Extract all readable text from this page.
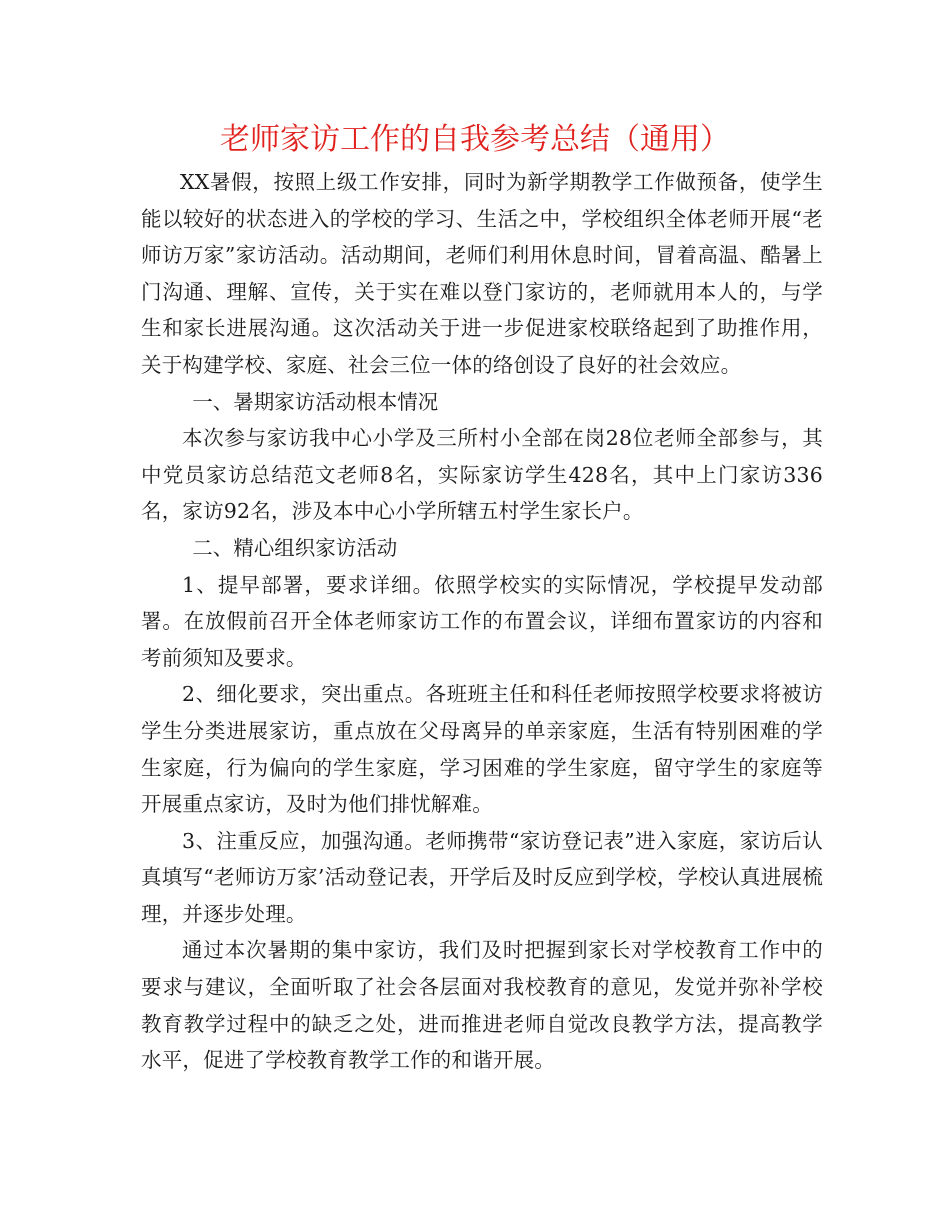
老师家访工作的自我参考总结（通用）

XX暑假，按照上级工作安排，同时为新学期教学工作做预备，使学生能以较好的状态进入的学校的学习、生活之中，学校组织全体老师开展“老师访万家”家访活动。活动期间，老师们利用休息时间，冒着高温、酷暑上门沟通、理解、宣传，关于实在难以登门家访的，老师就用本人的，与学生和家长进展沟通。这次活动关于进一步促进家校联络起到了助推作用，关于构建学校、家庭、社会三位一体的络创设了良好的社会效应。

一、暑期家访活动根本情况

本次参与家访我中心小学及三所村小全部在岗28位老师全部参与，其中党员家访总结范文老师8名，实际家访学生428名，其中上门家访336名，家访92名，涉及本中心小学所辖五村学生家长户。

二、精心组织家访活动

1、提早部署，要求详细。依照学校实的实际情况，学校提早发动部署。在放假前召开全体老师家访工作的布置会议，详细布置家访的内容和考前须知及要求。

2、细化要求，突出重点。各班班主任和科任老师按照学校要求将被访学生分类进展家访，重点放在父母离异的单亲家庭，生活有特别困难的学生家庭，行为偏向的学生家庭，学习困难的学生家庭，留守学生的家庭等开展重点家访，及时为他们排忧解难。

3、注重反应，加强沟通。老师携带“家访登记表”进入家庭，家访后认真填写“老师访万家’活动登记表，开学后及时反应到学校，学校认真进展梳理，并逐步处理。

通过本次暑期的集中家访，我们及时把握到家长对学校教育工作中的要求与建议，全面听取了社会各层面对我校教育的意见，发觉并弥补学校教育教学过程中的缺乏之处，进而推进老师自觉改良教学方法，提高教学水平，促进了学校教育教学工作的和谐开展。
